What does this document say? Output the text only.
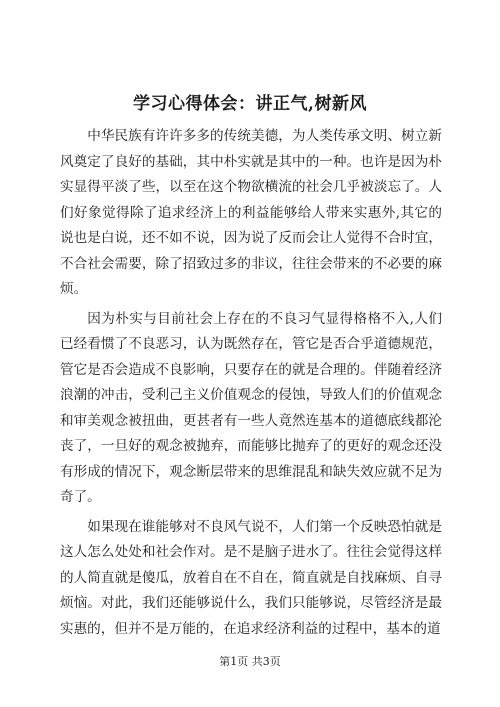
学习心得体会：讲正气,树新风

中华民族有许许多多的传统美德，为人类传承文明、树立新风奠定了良好的基础，其中朴实就是其中的一种。也许是因为朴实显得平淡了些，以至在这个物欲横流的社会几乎被淡忘了。人们好象觉得除了追求经济上的利益能够给人带来实惠外,其它的说也是白说，还不如不说，因为说了反而会让人觉得不合时宜，不合社会需要，除了招致过多的非议，往往会带来的不必要的麻烦。

因为朴实与目前社会上存在的不良习气显得格格不入,人们已经看惯了不良恶习，认为既然存在，管它是否合乎道德规范，管它是否会造成不良影响，只要存在的就是合理的。伴随着经济浪潮的冲击，受利己主义价值观念的侵蚀，导致人们的价值观念和审美观念被扭曲，更甚者有一些人竟然连基本的道德底线都沦丧了，一旦好的观念被抛弃，而能够比抛弃了的更好的观念还没有形成的情况下，观念断层带来的思维混乱和缺失效应就不足为奇了。

如果现在谁能够对不良风气说不，人们第一个反映恐怕就是这人怎么处处和社会作对。是不是脑子进水了。往往会觉得这样的人简直就是傻瓜，放着自在不自在，简直就是自找麻烦、自寻烦恼。对此，我们还能够说什么，我们只能够说，尽管经济是最实惠的，但并不是万能的，在追求经济利益的过程中，基本的道

第1页 共3页
